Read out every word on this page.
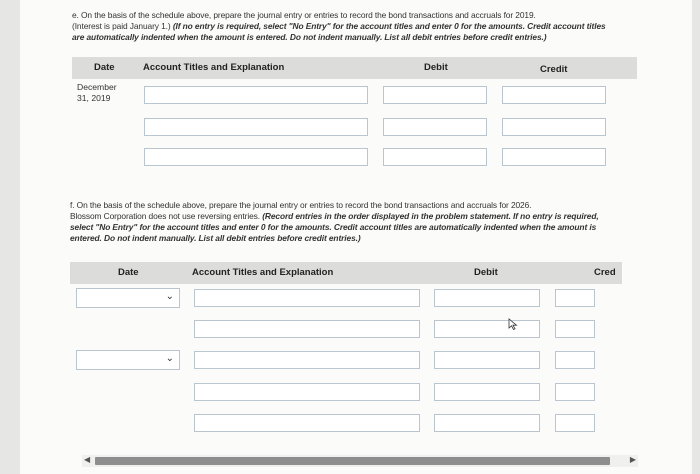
e. On the basis of the schedule above, prepare the journal entry or entries to record the bond transactions and accruals for 2019.
(Interest is paid January 1.) (If no entry is required, select "No Entry" for the account titles and enter 0 for the amounts. Credit account titles
are automatically indented when the amount is entered. Do not indent manually. List all debit entries before credit entries.)
Date	Account Titles and Explanation	Debit	Credit
December
31, 2019
f. On the basis of the schedule above, prepare the journal entry or entries to record the bond transactions and accruals for 2026.
Blossom Corporation does not use reversing entries. (Record entries in the order displayed in the problem statement. If no entry is required,
select "No Entry" for the account titles and enter 0 for the amounts. Credit account titles are automatically indented when the amount is
entered. Do not indent manually. List all debit entries before credit entries.)
Date	Account Titles and Explanation	Debit	Cred
⌄
⌄
◀	▶
